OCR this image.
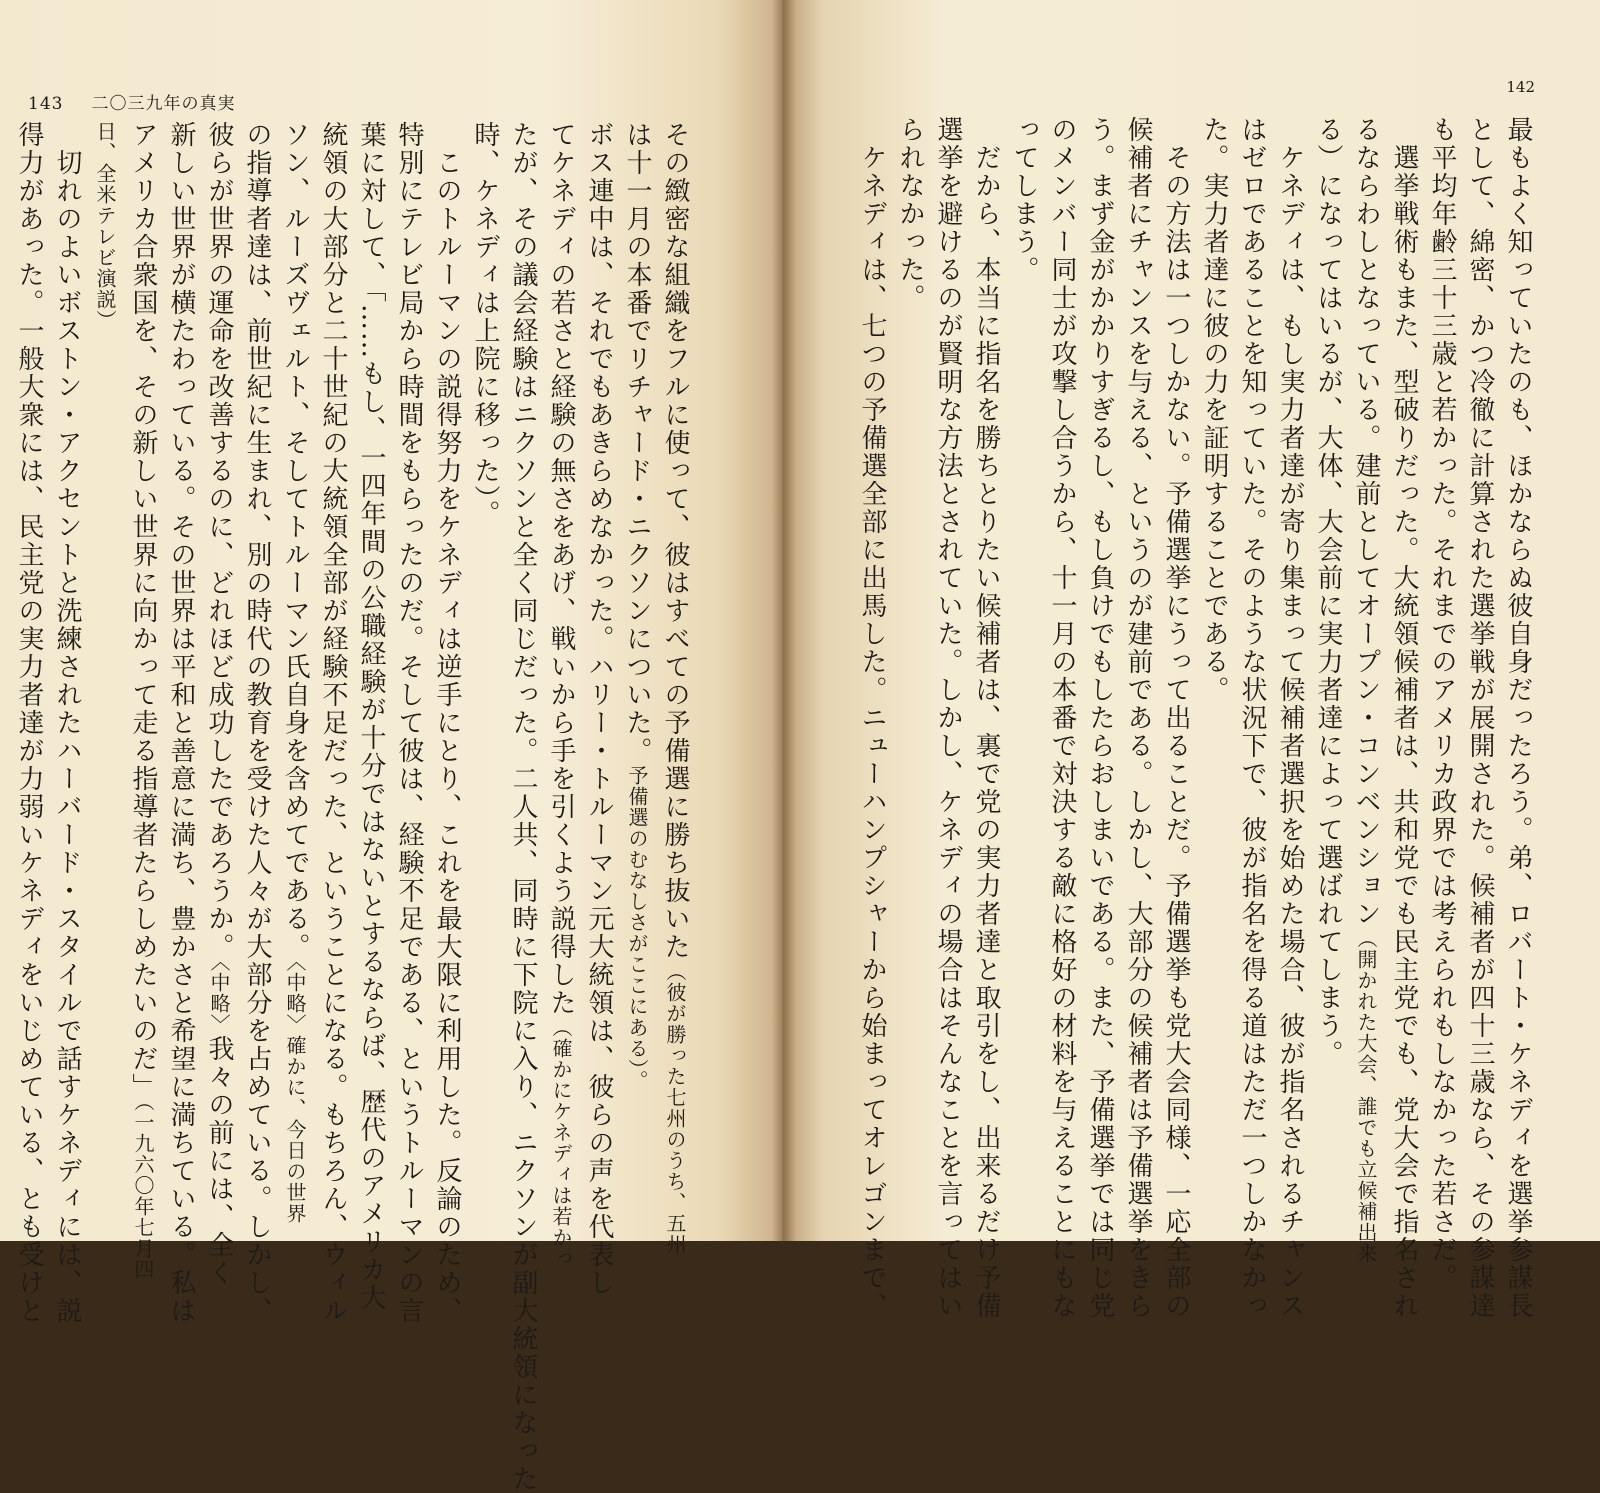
143 二〇三九年の真実
その緻密な組織をフルに使って、彼はすべての予備選に勝ち抜いた（彼が勝った七州のうち、五州
は十一月の本番でリチャード・ニクソンについた。予備選のむなしさがここにある）。
ボス連中は、それでもあきらめなかった。ハリー・トルーマン元大統領は、彼らの声を代表し
てケネディの若さと経験の無さをあげ、戦いから手を引くよう説得した（確かにケネディは若かっ
たが、その議会経験はニクソンと全く同じだった。二人共、同時に下院に入り、ニクソンが副大統領になった
時、ケネディは上院に移った）。
　このトルーマンの説得努力をケネディは逆手にとり、これを最大限に利用した。反論のため、
特別にテレビ局から時間をもらったのだ。そして彼は、経験不足である、というトルーマンの言
葉に対して、「……もし、一四年間の公職経験が十分ではないとするならば、歴代のアメリカ大
統領の大部分と二十世紀の大統領全部が経験不足だった、ということになる。もちろん、ウィル
ソン、ルーズヴェルト、そしてトルーマン氏自身を含めてである。〈中略〉確かに、今日の世界
の指導者達は、前世紀に生まれ、別の時代の教育を受けた人々が大部分を占めている。しかし、
彼らが世界の運命を改善するのに、どれほど成功したであろうか。〈中略〉我々の前には、全く
新しい世界が横たわっている。その世界は平和と善意に満ち、豊かさと希望に満ちている。私は
アメリカ合衆国を、その新しい世界に向かって走る指導者たらしめたいのだ」（一九六〇年七月四
日、全米テレビ演説）
　切れのよいボストン・アクセントと洗練されたハーバード・スタイルで話すケネディには、説
得力があった。一般大衆には、民主党の実力者達が力弱いケネディをいじめている、とも受けと
142
最もよく知っていたのも、ほかならぬ彼自身だったろう。弟、ロバート・ケネディを選挙参謀長
として、綿密、かつ冷徹に計算された選挙戦が展開された。候補者が四十三歳なら、その参謀達
も平均年齢三十三歳と若かった。それまでのアメリカ政界では考えられもしなかった若さだ。
　選挙戦術もまた、型破りだった。大統領候補者は、共和党でも民主党でも、党大会で指名され
るならわしとなっている。建前としてオープン・コンベンション（開かれた大会、誰でも立候補出来
る）になってはいるが、大体、大会前に実力者達によって選ばれてしまう。
　ケネディは、もし実力者達が寄り集まって候補者選択を始めた場合、彼が指名されるチャンス
はゼロであることを知っていた。そのような状況下で、彼が指名を得る道はただ一つしかなかっ
た。実力者達に彼の力を証明することである。
　その方法は一つしかない。予備選挙にうって出ることだ。予備選挙も党大会同様、一応全部の
候補者にチャンスを与える、というのが建前である。しかし、大部分の候補者は予備選挙をきら
う。まず金がかかりすぎるし、もし負けでもしたらおしまいである。また、予備選挙では同じ党
のメンバー同士が攻撃し合うから、十一月の本番で対決する敵に格好の材料を与えることにもな
ってしまう。
　だから、本当に指名を勝ちとりたい候補者は、裏で党の実力者達と取引をし、出来るだけ予備
選挙を避けるのが賢明な方法とされていた。しかし、ケネディの場合はそんなことを言ってはい
られなかった。
　ケネディは、七つの予備選全部に出馬した。ニューハンプシャーから始まってオレゴンまで、
